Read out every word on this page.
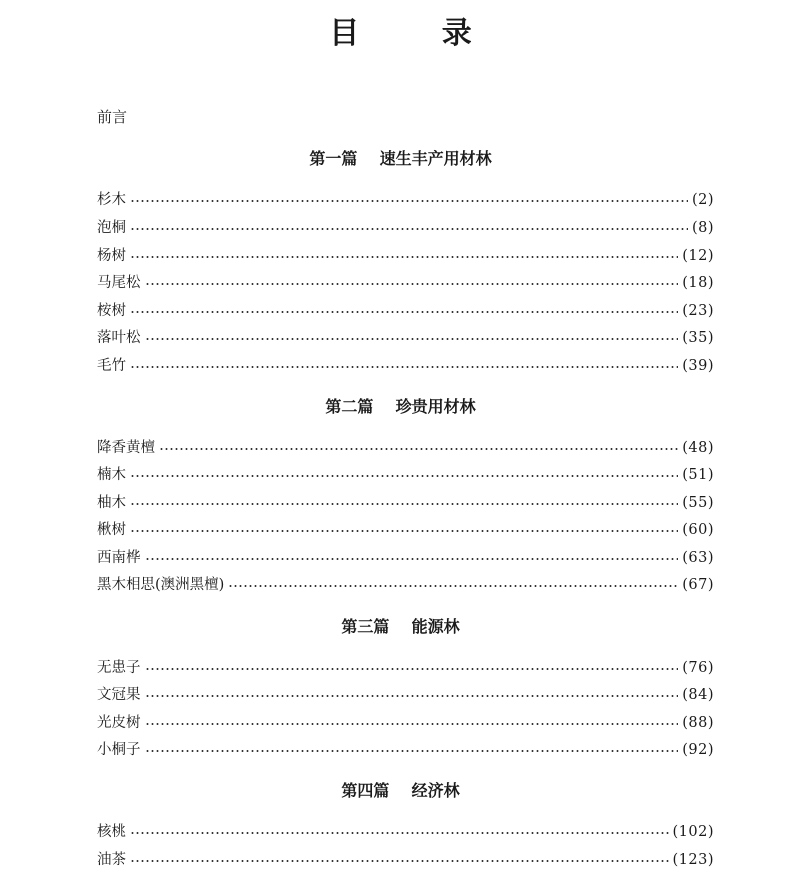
目 录
前言
第一篇    速生丰产用材林
杉木	(2)
泡桐	(8)
杨树	(12)
马尾松	(18)
桉树	(23)
落叶松	(35)
毛竹	(39)
第二篇    珍贵用材林
降香黄檀	(48)
楠木	(51)
柚木	(55)
楸树	(60)
西南桦	(63)
黑木相思(澳洲黑檀)	(67)
第三篇    能源林
无患子	(76)
文冠果	(84)
光皮树	(88)
小桐子	(92)
第四篇    经济林
核桃	(102)
油茶	(123)
